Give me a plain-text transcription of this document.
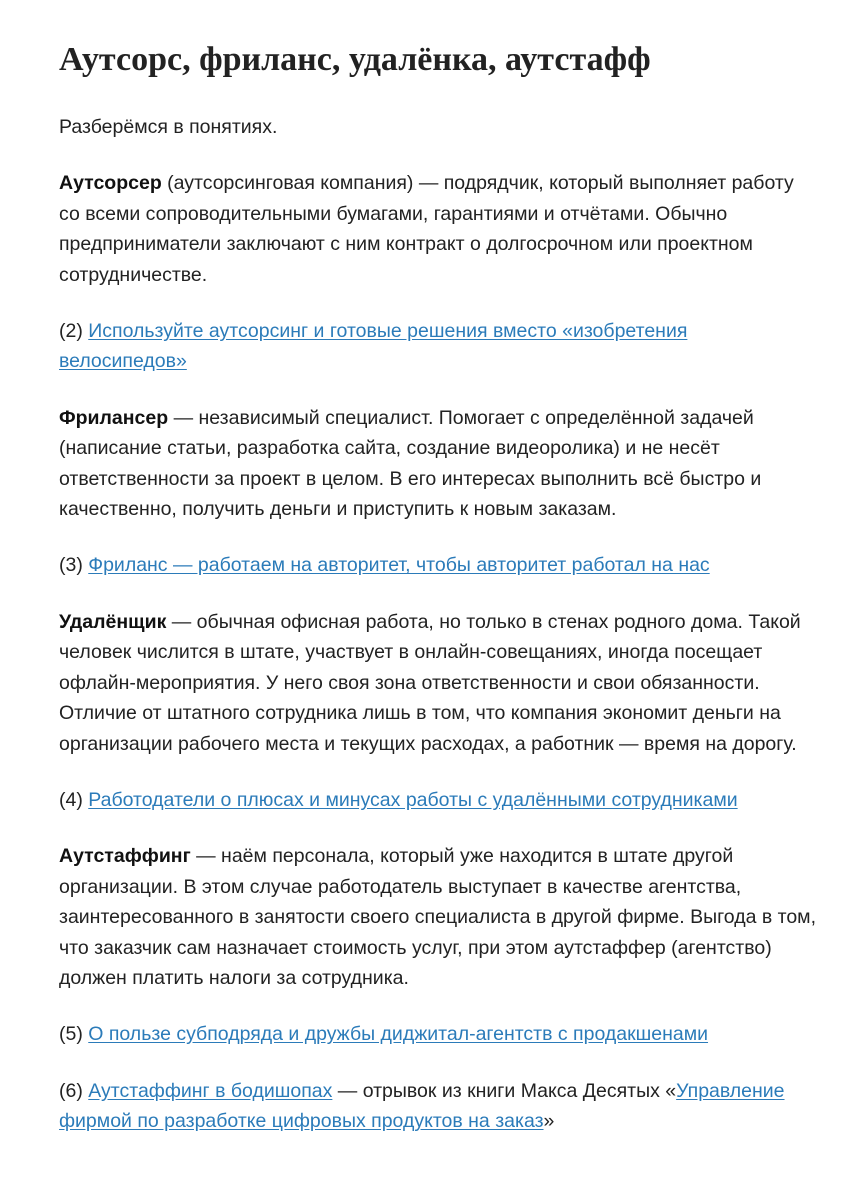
Аутсорс, фриланс, удалёнка, аутстафф

Разберёмся в понятиях.

Аутсорсер (аутсорсинговая компания) — подрядчик, который выполняет работу со всеми сопроводительными бумагами, гарантиями и отчётами. Обычно предприниматели заключают с ним контракт о долгосрочном или проектном сотрудничестве.

(2) Используйте аутсорсинг и готовые решения вместо «изобретения велосипедов»

Фрилансер — независимый специалист. Помогает с определённой задачей (написание статьи, разработка сайта, создание видеоролика) и не несёт ответственности за проект в целом. В его интересах выполнить всё быстро и качественно, получить деньги и приступить к новым заказам.

(3) Фриланс — работаем на авторитет, чтобы авторитет работал на нас

Удалёнщик — обычная офисная работа, но только в стенах родного дома. Такой человек числится в штате, участвует в онлайн-совещаниях, иногда посещает офлайн-мероприятия. У него своя зона ответственности и свои обязанности. Отличие от штатного сотрудника лишь в том, что компания экономит деньги на организации рабочего места и текущих расходах, а работник — время на дорогу.

(4) Работодатели о плюсах и минусах работы с удалёнными сотрудниками

Аутстаффинг — наём персонала, который уже находится в штате другой организации. В этом случае работодатель выступает в качестве агентства, заинтересованного в занятости своего специалиста в другой фирме. Выгода в том, что заказчик сам назначает стоимость услуг, при этом аутстаффер (агентство) должен платить налоги за сотрудника.

(5) О пользе субподряда и дружбы диджитал-агентств с продакшенами

(6) Аутстаффинг в бодишопах — отрывок из книги Макса Десятых «Управление фирмой по разработке цифровых продуктов на заказ»
